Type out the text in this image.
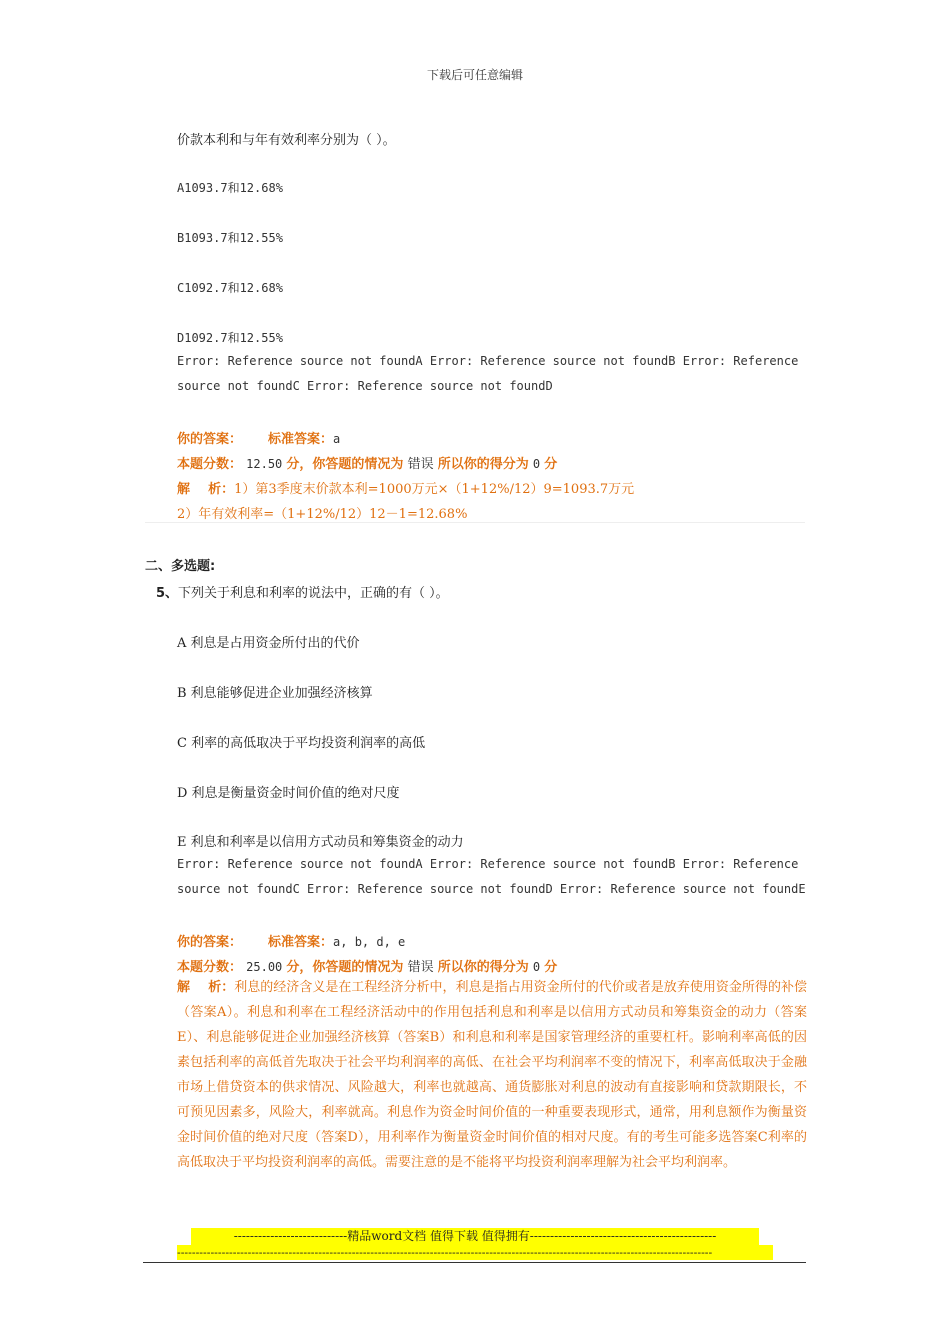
下载后可任意编辑
价款本利和与年有效利率分别为（ ）。
A1093.7和12.68%
B1093.7和12.55%
C1092.7和12.68%
D1092.7和12.55%
Error: Reference source not foundA Error: Reference source not foundB Error: Reference
source not foundC Error: Reference source not foundD
你的答案： 标准答案：a
本题分数： 12.50 分，你答题的情况为 错误 所以你的得分为 0 分
解    析：1）第3季度末价款本利=1000万元×（1+12%/12）9=1093.7万元
2）年有效利率=（1+12%/12）12－1=12.68%
二、多选题:
5、下列关于利息和利率的说法中，正确的有（ ）。
A 利息是占用资金所付出的代价
B 利息能够促进企业加强经济核算
C 利率的高低取决于平均投资利润率的高低
D 利息是衡量资金时间价值的绝对尺度
E 利息和利率是以信用方式动员和筹集资金的动力
Error: Reference source not foundA Error: Reference source not foundB Error: Reference
source not foundC Error: Reference source not foundD Error: Reference source not foundE
你的答案： 标准答案：a, b, d, e
本题分数： 25.00 分，你答题的情况为 错误 所以你的得分为 0 分
解    析：利息的经济含义是在工程经济分析中，利息是指占用资金所付的代价或者是放弃使用资金所得的补偿（答案A）。利息和利率在工程经济活动中的作用包括利息和利率是以信用方式动员和筹集资金的动力（答案E）、利息能够促进企业加强经济核算（答案B）和利息和利率是国家管理经济的重要杠杆。影响利率高低的因素包括利率的高低首先取决于社会平均利润率的高低、在社会平均利润率不变的情况下，利率高低取决于金融市场上借贷资本的供求情况、风险越大，利率也就越高、通货膨胀对利息的波动有直接影响和贷款期限长，不可预见因素多，风险大，利率就高。利息作为资金时间价值的一种重要表现形式，通常，用利息额作为衡量资金时间价值的绝对尺度（答案D），用利率作为衡量资金时间价值的相对尺度。有的考生可能多选答案C利率的高低取决于平均投资利润率的高低。需要注意的是不能将平均投资利润率理解为社会平均利润率。
----------------------------精品word文档 值得下载 值得拥有----------------------------------------------
------------------------------------------------------------------------------------------------------------------------------------------------
